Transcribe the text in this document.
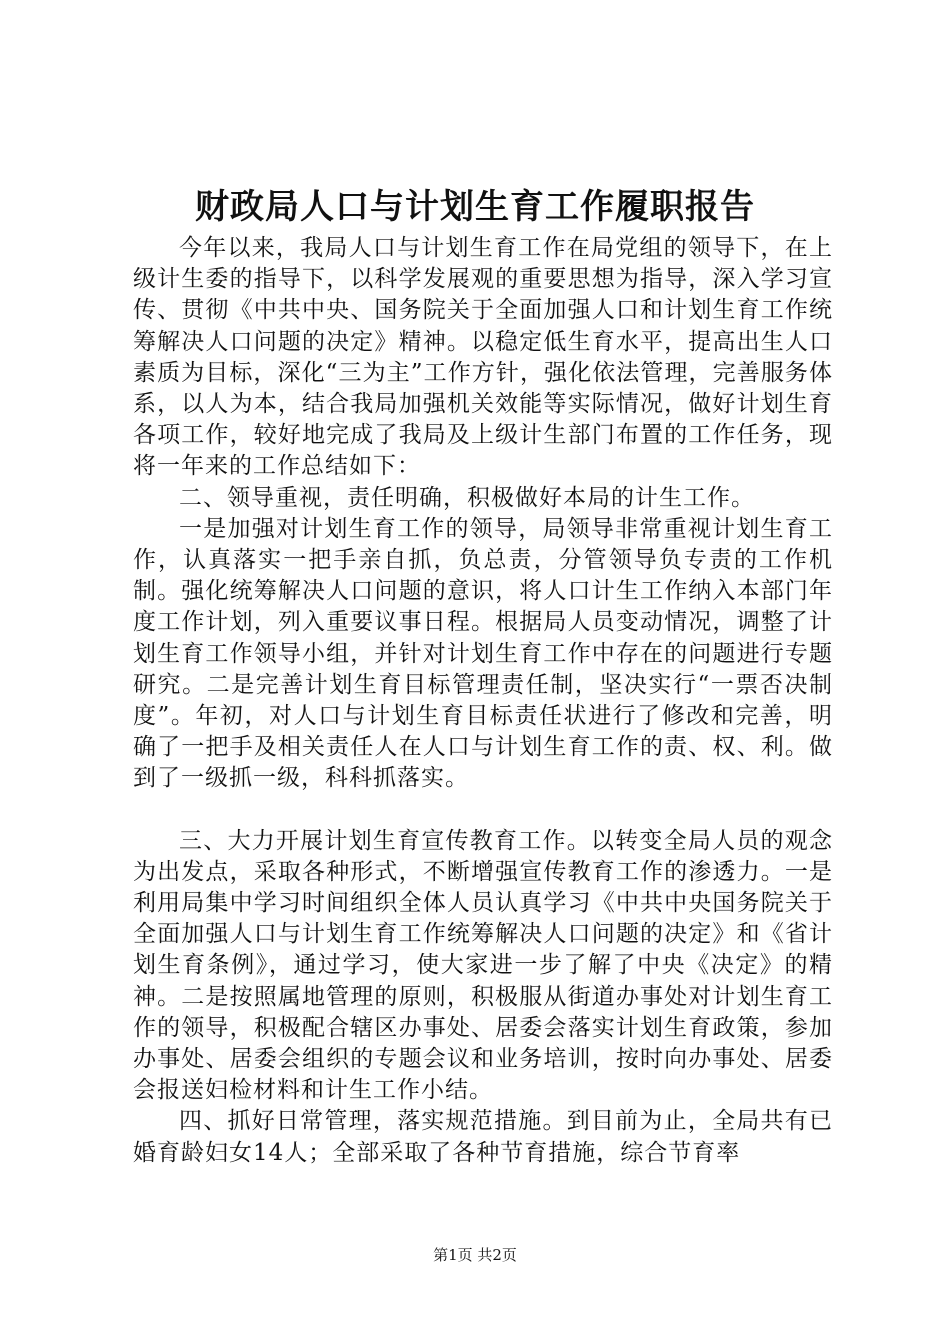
财政局人口与计划生育工作履职报告

今年以来，我局人口与计划生育工作在局党组的领导下，在上级计生委的指导下，以科学发展观的重要思想为指导，深入学习宣传、贯彻《中共中央、国务院关于全面加强人口和计划生育工作统筹解决人口问题的决定》精神。以稳定低生育水平，提高出生人口素质为目标，深化“三为主”工作方针，强化依法管理，完善服务体系，以人为本，结合我局加强机关效能等实际情况，做好计划生育各项工作，较好地完成了我局及上级计生部门布置的工作任务，现将一年来的工作总结如下：

二、领导重视，责任明确，积极做好本局的计生工作。

一是加强对计划生育工作的领导，局领导非常重视计划生育工作，认真落实一把手亲自抓，负总责，分管领导负专责的工作机制。强化统筹解决人口问题的意识，将人口计生工作纳入本部门年度工作计划，列入重要议事日程。根据局人员变动情况，调整了计划生育工作领导小组，并针对计划生育工作中存在的问题进行专题研究。二是完善计划生育目标管理责任制，坚决实行“一票否决制度”。年初，对人口与计划生育目标责任状进行了修改和完善，明确了一把手及相关责任人在人口与计划生育工作的责、权、利。做到了一级抓一级，科科抓落实。

三、大力开展计划生育宣传教育工作。以转变全局人员的观念为出发点，采取各种形式，不断增强宣传教育工作的渗透力。一是利用局集中学习时间组织全体人员认真学习《中共中央国务院关于全面加强人口与计划生育工作统筹解决人口问题的决定》和《省计划生育条例》，通过学习，使大家进一步了解了中央《决定》的精神。二是按照属地管理的原则，积极服从街道办事处对计划生育工作的领导，积极配合辖区办事处、居委会落实计划生育政策，参加办事处、居委会组织的专题会议和业务培训，按时向办事处、居委会报送妇检材料和计生工作小结。

四、抓好日常管理，落实规范措施。到目前为止，全局共有已婚育龄妇女14人；全部采取了各种节育措施，综合节育率

第1页 共2页
